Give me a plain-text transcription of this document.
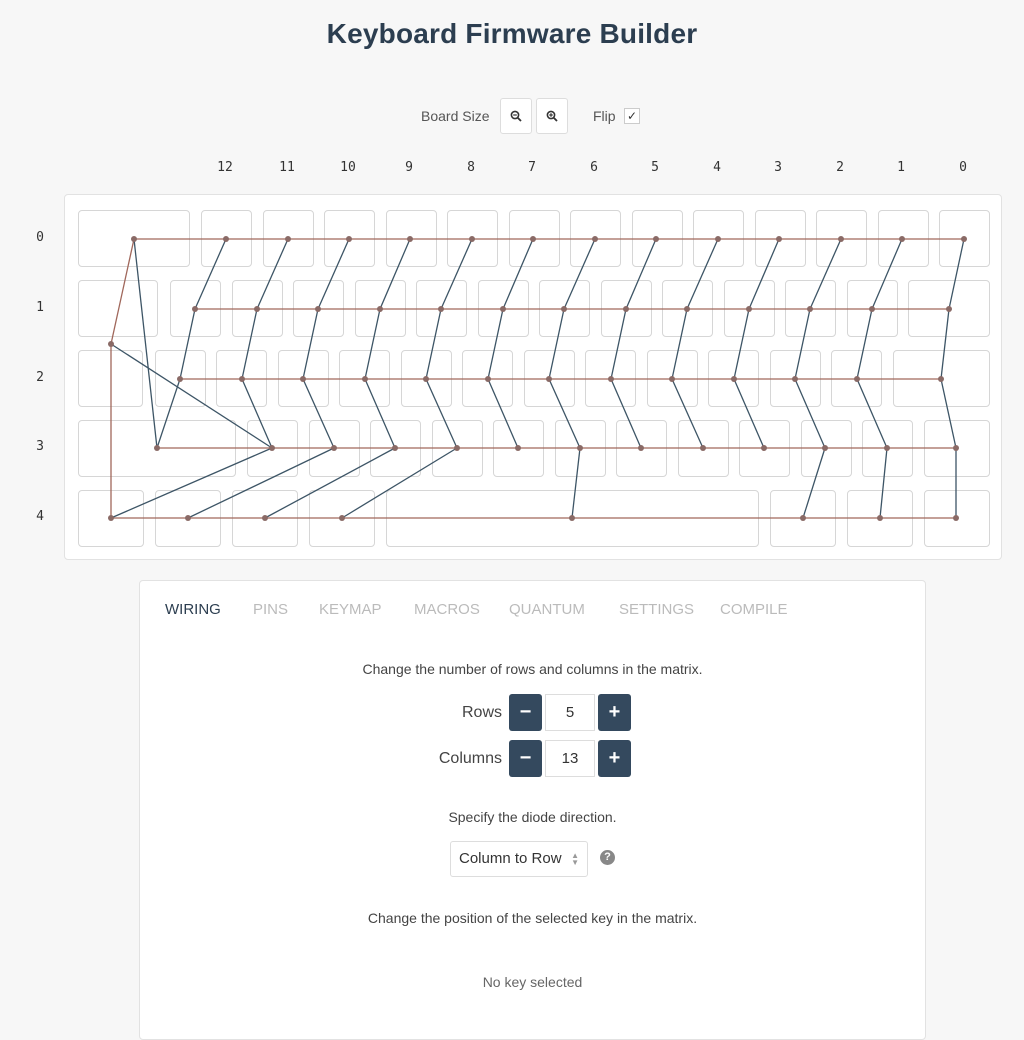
Keyboard Firmware Builder
Board Size	Flip ✓
12	11	10	9	8	7	6	5	4	3	2	1	0
0
1
2
3
4
WIRING PINS KEYMAP MACROS QUANTUM SETTINGS COMPILE
Change the number of rows and columns in the matrix.
Rows −	5	+
Columns −	13	+
Specify the diode direction.
Column to Row ▲
▼	?
Change the position of the selected key in the matrix.
No key selected
